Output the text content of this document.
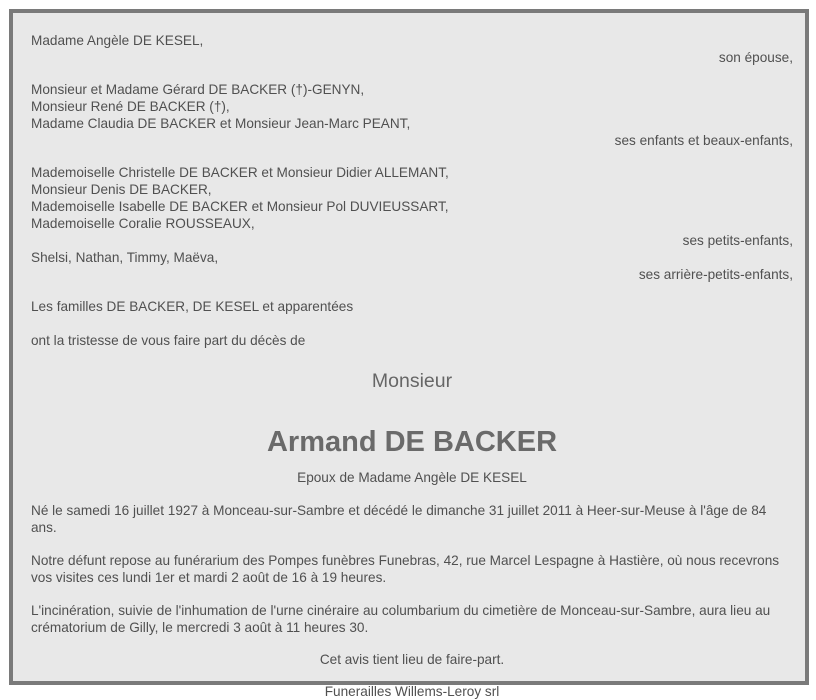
Madame Angèle DE KESEL,
son épouse,
Monsieur et Madame Gérard DE BACKER (†)-GENYN,
Monsieur René DE BACKER (†),
Madame Claudia DE BACKER et Monsieur Jean-Marc PEANT,
ses enfants et beaux-enfants,
Mademoiselle Christelle DE BACKER et Monsieur Didier ALLEMANT,
Monsieur Denis DE BACKER,
Mademoiselle Isabelle DE BACKER et Monsieur Pol DUVIEUSSART,
Mademoiselle Coralie ROUSSEAUX,
ses petits-enfants,
Shelsi, Nathan, Timmy, Maëva,
ses arrière-petits-enfants,
Les familles DE BACKER, DE KESEL et apparentées
ont la tristesse de vous faire part du décès de
Monsieur
Armand DE BACKER
Epoux de Madame Angèle DE KESEL
Né le samedi 16 juillet 1927 à Monceau-sur-Sambre et décédé le dimanche 31 juillet 2011 à Heer-sur-Meuse à l'âge de 84 ans.
Notre défunt repose au funérarium des Pompes funèbres Funebras, 42, rue Marcel Lespagne à Hastière, où nous recevrons vos visites ces lundi 1er et mardi 2 août de 16 à 19 heures.
L'incinération, suivie de l'inhumation de l'urne cinéraire au columbarium du cimetière de Monceau-sur-Sambre, aura lieu au crématorium de Gilly, le mercredi 3 août à 11 heures 30.
Cet avis tient lieu de faire-part.
Funerailles Willems-Leroy srl
